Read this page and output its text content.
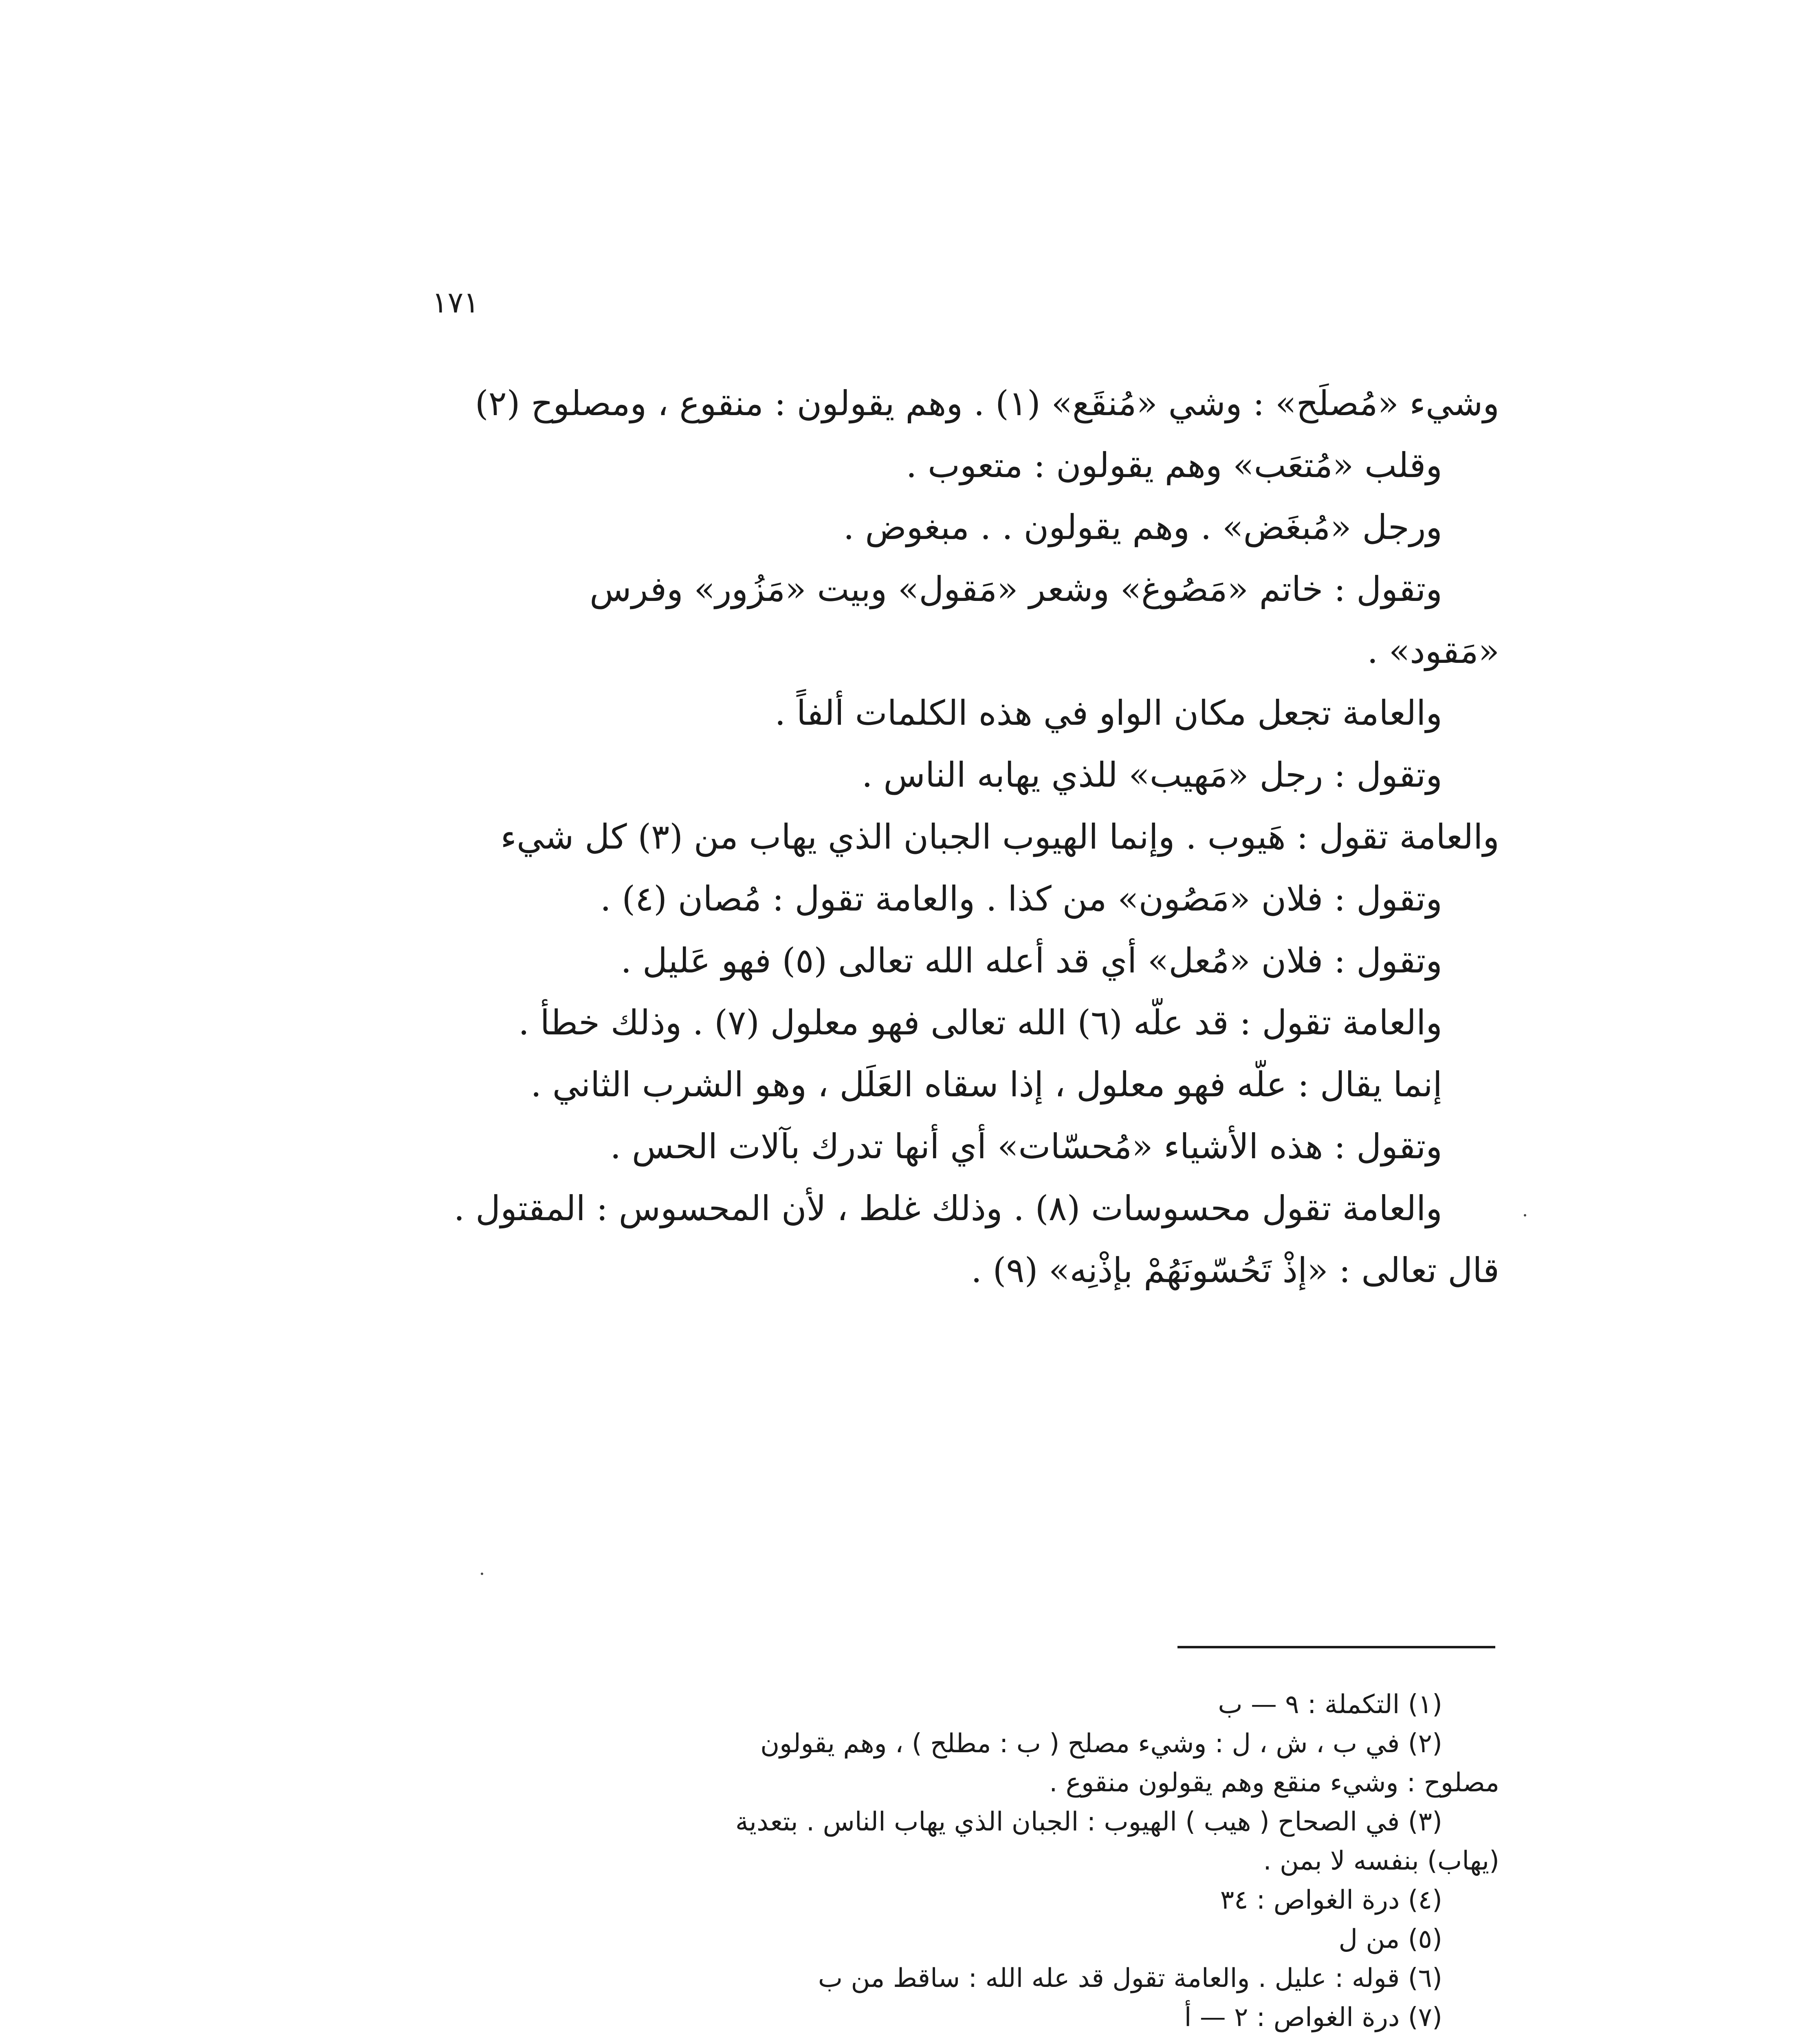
١٧١
وشيء «مُصلَح» : وشي «مُنقَع» (١) . وهم يقولون : منقوع ، ومصلوح (٢)
وقلب «مُتعَب» وهم يقولون : متعوب .
ورجل «مُبغَض» . وهم يقولون . . مبغوض .
وتقول : خاتم «مَصُوغ» وشعر «مَقول» وبيت «مَزُور» وفرس
«مَقود» .
والعامة تجعل مكان الواو في هذه الكلمات ألفاً .
وتقول : رجل «مَهيب» للذي يهابه الناس .
والعامة تقول : هَيوب . وإنما الهيوب الجبان الذي يهاب من (٣) كل شيء
وتقول : فلان «مَصُون» من كذا . والعامة تقول : مُصان (٤) .
وتقول : فلان «مُعل» أي قد أعله الله تعالى (٥) فهو عَليل .
والعامة تقول : قد علّه (٦) الله تعالى فهو معلول (٧) . وذلك خطأ .
إنما يقال : علّه فهو معلول ، إذا سقاه العَلَل ، وهو الشرب الثاني .
وتقول : هذه الأشياء «مُحسّات» أي أنها تدرك بآلات الحس .
والعامة تقول محسوسات (٨) . وذلك غلط ، لأن المحسوس : المقتول .
قال تعالى : «إذْ تَحُسّونَهُمْ بإذْنِه» (٩) .
(١) التكملة : ٩ — ب
(٢) في ب ، ش ، ل : وشيء مصلح ( ب : مطلح ) ، وهم يقولون
مصلوح : وشيء منقع وهم يقولون منقوع .
(٣) في الصحاح ( هيب ) الهيوب : الجبان الذي يهاب الناس . بتعدية
(يهاب) بنفسه لا بمن .
(٤) درة الغواص : ٣٤
(٥) من ل
(٦) قوله : عليل . والعامة تقول قد عله الله : ساقط من ب
(٧) درة الغواص : ٢ — أ
